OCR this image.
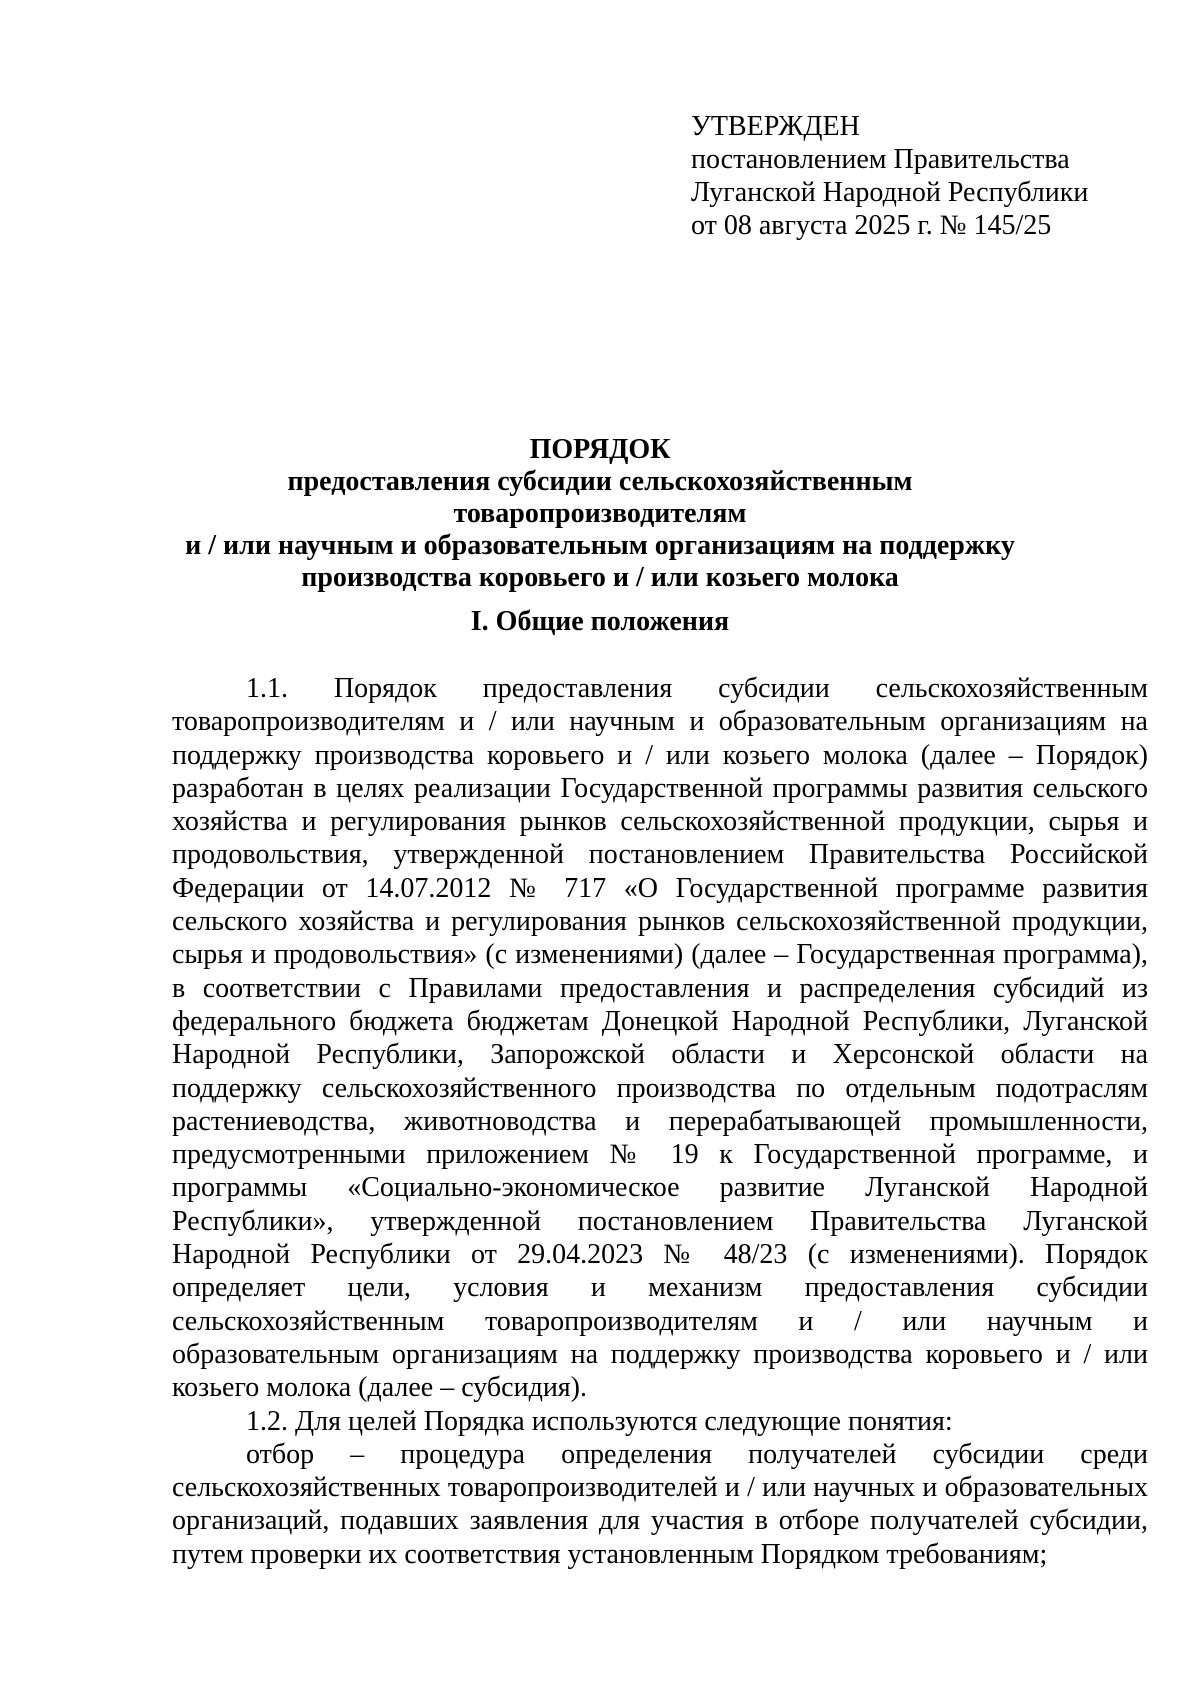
УТВЕРЖДЕН
постановлением Правительства
Луганской Народной Республики
от 08 августа 2025 г. № 145/25
ПОРЯДОК
предоставления субсидии сельскохозяйственным товаропроизводителям
и / или научным и образовательным организациям на поддержку
производства коровьего и / или козьего молока
I. Общие положения

1.1. Порядок предоставления субсидии сельскохозяйственным товаропроизводителям и / или научным и образовательным организациям на поддержку производства коровьего и / или козьего молока (далее – Порядок) разработан в целях реализации Государственной программы развития сельского хозяйства и регулирования рынков сельскохозяйственной продукции, сырья и продовольствия, утвержденной постановлением Правительства Российской Федерации от 14.07.2012 № 717 «О Государственной программе развития сельского хозяйства и регулирования рынков сельскохозяйственной продукции, сырья и продовольствия» (с изменениями) (далее – Государственная программа), в соответствии с Правилами предоставления и распределения субсидий из федерального бюджета бюджетам Донецкой Народной Республики, Луганской Народной Республики, Запорожской области и Херсонской области на поддержку сельскохозяйственного производства по отдельным подотраслям растениеводства, животноводства и перерабатывающей промышленности, предусмотренными приложением № 19 к Государственной программе, и программы «Социально-экономическое развитие Луганской Народной Республики», утвержденной постановлением Правительства Луганской Народной Республики от 29.04.2023 № 48/23 (с изменениями). Порядок определяет цели, условия и механизм предоставления субсидии сельскохозяйственным товаропроизводителям и / или научным и образовательным организациям на поддержку производства коровьего и / или козьего молока (далее – субсидия).

1.2. Для целей Порядка используются следующие понятия:

отбор – процедура определения получателей субсидии среди сельскохозяйственных товаропроизводителей и / или научных и образовательных организаций, подавших заявления для участия в отборе получателей субсидии, путем проверки их соответствия установленным Порядком требованиям;
